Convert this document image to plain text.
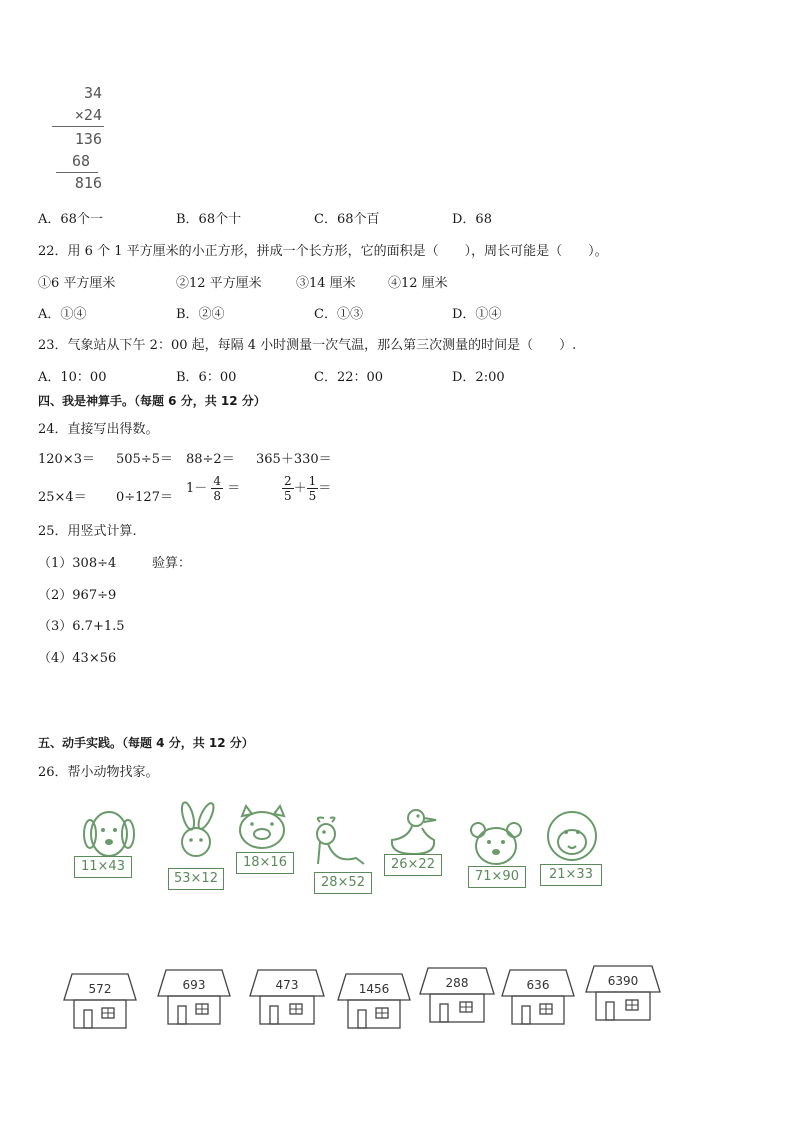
34
×24
136
68
816
A．68个一	B．68个十	C．68个百	D．68
22．用 6 个 1 平方厘米的小正方形，拼成一个长方形，它的面积是（　　），周长可能是（　　）。
①6 平方厘米	②12 平方厘米	③14 厘米 ④12 厘米
A．①④	B．②④	C．①③	D．①④
23．气象站从下午 2：00 起，每隔 4 小时测量一次气温，那么第三次测量的时间是（　　）.
A．10：00	B．6：00	C．22：00	D．2:00
四、我是神算手。（每题 6 分，共 12 分）
24．直接写出得数。
120×3＝ 505÷5＝ 88÷2＝ 365＋330＝
25×4＝ 0÷127＝
$1- \frac{4}{8}$ ＝	$\frac{2}{5} + \frac{1}{5}$ ＝
25．用竖式计算.
（1）308÷4	验算：
（2）967÷9
（3）6.7+1.5
（4）43×56
五、动手实践。（每题 4 分，共 12 分）
26．帮小动物找家。
11×43
53×12
18×16
28×52
26×22
71×90	21×33
572	693	473	1456	288	636	6390
